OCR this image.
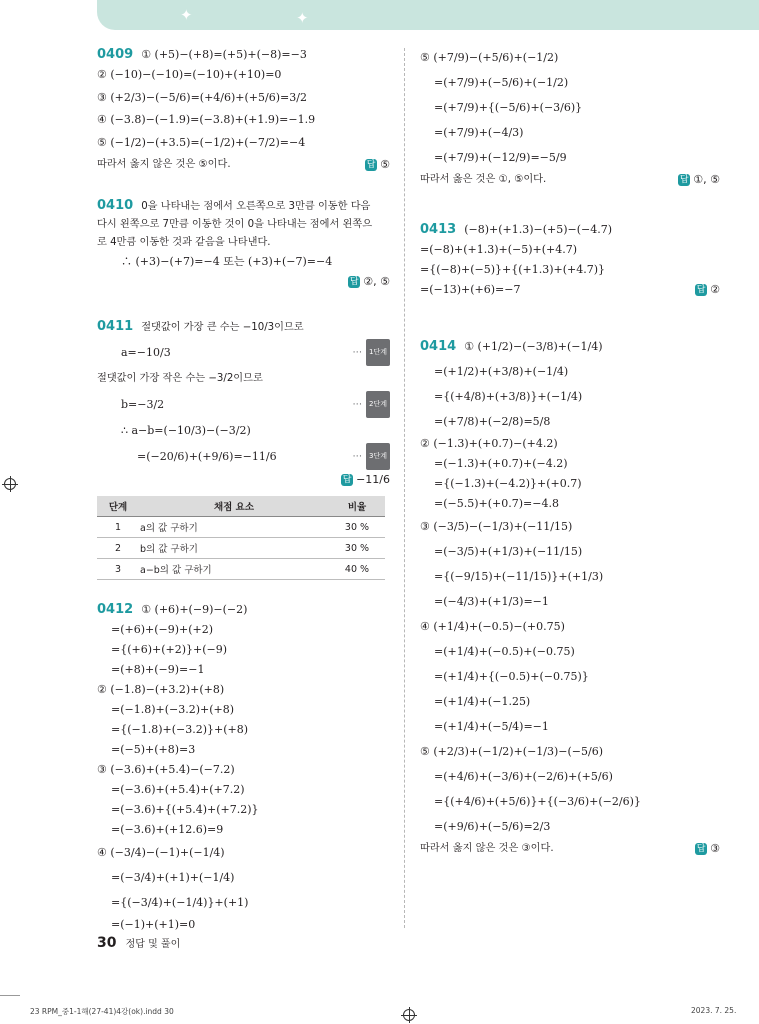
✦	✦
0409 ① (+5)−(+8)=(+5)+(−8)=−3
② (−10)−(−10)=(−10)+(+10)=0
③ (+2/3)−(−5/6)=(+4/6)+(+5/6)=3/2
④ (−3.8)−(−1.9)=(−3.8)+(+1.9)=−1.9
⑤ (−1/2)−(+3.5)=(−1/2)+(−7/2)=−4
따라서 옳지 않은 것은 ⑤이다.	답 ⑤
0410 0을 나타내는 점에서 오른쪽으로 3만큼 이동한 다음
다시 왼쪽으로 7만큼 이동한 것이 0을 나타내는 점에서 왼쪽으
로 4만큼 이동한 것과 같음을 나타낸다.
∴ (+3)−(+7)=−4 또는 (+3)+(−7)=−4
답 ②, ⑤
0411 절댓값이 가장 큰 수는 −10/3이므로
a=−10/3	··· 1단계
절댓값이 가장 작은 수는 −3/2이므로
b=−3/2	··· 2단계
∴ a−b=(−10/3)−(−3/2)
=(−20/6)+(+9/6)=−11/6	··· 3단계
답 −11/6
단계	채점 요소	비율
1	a의 값 구하기	30 %
2	b의 값 구하기	30 %
3	a−b의 값 구하기	40 %
0412 ① (+6)+(−9)−(−2)
=(+6)+(−9)+(+2)
={(+6)+(+2)}+(−9)
=(+8)+(−9)=−1
② (−1.8)−(+3.2)+(+8)
=(−1.8)+(−3.2)+(+8)
={(−1.8)+(−3.2)}+(+8)
=(−5)+(+8)=3
③ (−3.6)+(+5.4)−(−7.2)
=(−3.6)+(+5.4)+(+7.2)
=(−3.6)+{(+5.4)+(+7.2)}
=(−3.6)+(+12.6)=9
④ (−3/4)−(−1)+(−1/4)
=(−3/4)+(+1)+(−1/4)
={(−3/4)+(−1/4)}+(+1)
=(−1)+(+1)=0
⑤ (+7/9)−(+5/6)+(−1/2)
=(+7/9)+(−5/6)+(−1/2)
=(+7/9)+{(−5/6)+(−3/6)}
=(+7/9)+(−4/3)
=(+7/9)+(−12/9)=−5/9
따라서 옳은 것은 ①, ⑤이다.	답 ①, ⑤
0413 (−8)+(+1.3)−(+5)−(−4.7)
=(−8)+(+1.3)+(−5)+(+4.7)
={(−8)+(−5)}+{(+1.3)+(+4.7)}
=(−13)+(+6)=−7	답 ②
0414 ① (+1/2)−(−3/8)+(−1/4)
=(+1/2)+(+3/8)+(−1/4)
={(+4/8)+(+3/8)}+(−1/4)
=(+7/8)+(−2/8)=5/8
② (−1.3)+(+0.7)−(+4.2)
=(−1.3)+(+0.7)+(−4.2)
={(−1.3)+(−4.2)}+(+0.7)
=(−5.5)+(+0.7)=−4.8
③ (−3/5)−(−1/3)+(−11/15)
=(−3/5)+(+1/3)+(−11/15)
={(−9/15)+(−11/15)}+(+1/3)
=(−4/3)+(+1/3)=−1
④ (+1/4)+(−0.5)−(+0.75)
=(+1/4)+(−0.5)+(−0.75)
=(+1/4)+{(−0.5)+(−0.75)}
=(+1/4)+(−1.25)
=(+1/4)+(−5/4)=−1
⑤ (+2/3)+(−1/2)+(−1/3)−(−5/6)
=(+4/6)+(−3/6)+(−2/6)+(+5/6)
={(+4/6)+(+5/6)}+{(−3/6)+(−2/6)}
=(+9/6)+(−5/6)=2/3
따라서 옳지 않은 것은 ③이다.	답 ③
30 정답 및 풀이
23 RPM_중1-1해(27-41)4강(ok).indd 30	2023. 7. 25.
